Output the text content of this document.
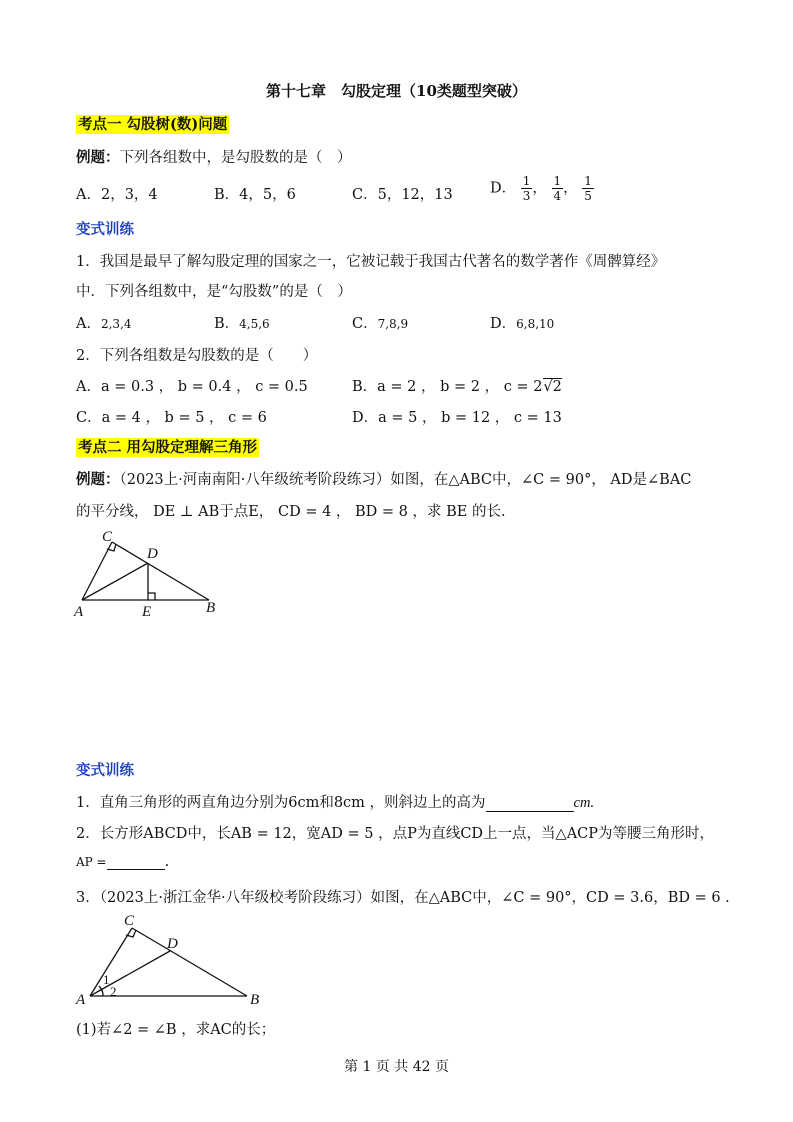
第十七章　勾股定理（10类题型突破）
考点一 勾股树(数)问题
例题：下列各组数中，是勾股数的是（　）
A．2，3，4	B．4，5，6	C．5，12，13	D． $\frac{1}{3}$ ， $\frac{1}{4}$ ， $\frac{1}{5}$
变式训练
1．我国是最早了解勾股定理的国家之一，它被记载于我国古代著名的数学著作《周髀算经》
中．下列各组数中，是“勾股数”的是（　）
A．2,3,4	B．4,5,6	C．7,8,9	D．6,8,10
2．下列各组数是勾股数的是（　　）
A．a = 0.3 ， b = 0.4 ， c = 0.5	B．a = 2 ， b = 2 ， c = 2√2
C．a = 4 ， b = 5 ， c = 6	D．a = 5 ， b = 12 ， c = 13
考点二 用勾股定理解三角形
例题：（2023上·河南南阳·八年级统考阶段练习）如图，在△ABC中，∠C = 90°， AD是∠BAC
的平分线， DE ⊥ AB于点E， CD = 4 ， BD = 8 ，求 BE 的长.
C
D
A	E	B
变式训练
1．直角三角形的两直角边分别为6cm和8cm ，则斜边上的高为	cm.
2．长方形ABCD中，长AB = 12，宽AD = 5 ，点P为直线CD上一点，当△ACP为等腰三角形时，
AP =	.
3．（2023上·浙江金华·八年级校考阶段练习）如图，在△ABC中，∠C = 90°，CD = 3.6，BD = 6 .
C
D
A	B
1
2
(1)若∠2 = ∠B ，求AC的长；
第 1 页 共 42 页
